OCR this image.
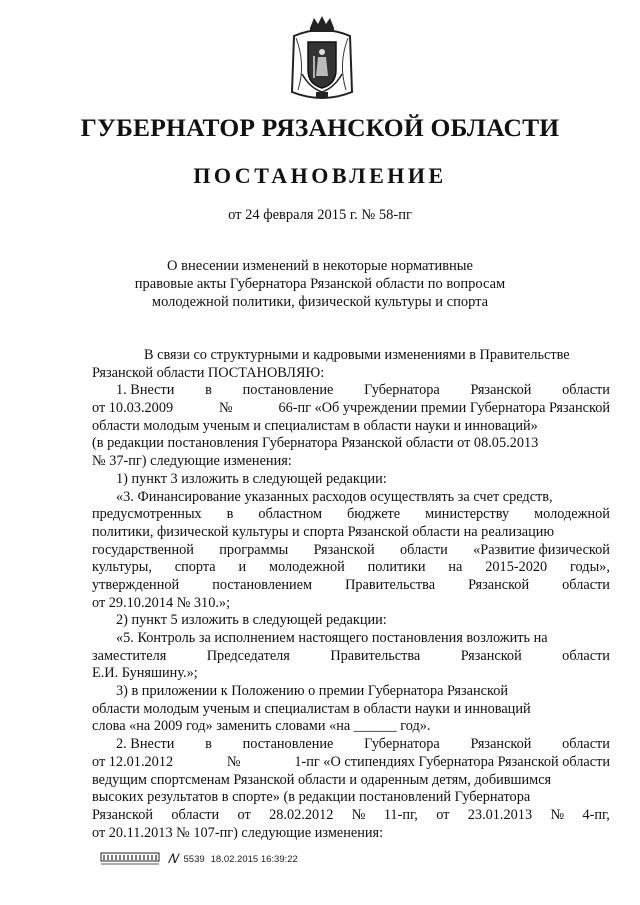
ГУБЕРНАТОР РЯЗАНСКОЙ ОБЛАСТИ
ПОСТАНОВЛЕНИЕ
от 24 февраля 2015 г. № 58-пг
О внесении изменений в некоторые нормативные
правовые акты Губернатора Рязанской области по вопросам
молодежной политики, физической культуры и спорта
В связи со структурными и кадровыми изменениями в Правительстве
Рязанской области ПОСТАНОВЛЯЮ:
1. Внести в постановление Губернатора Рязанской области
от 10.03.2009	№	66-пг «Об учреждении премии Губернатора Рязанской
области молодым ученым и специалистам в области науки и инноваций»
(в редакции постановления Губернатора Рязанской области от 08.05.2013
№ 37-пг) следующие изменения:
1) пункт 3 изложить в следующей редакции:
«3. Финансирование указанных расходов осуществлять за счет средств,
предусмотренных в областном бюджете министерству молодежной
политики, физической культуры и спорта Рязанской области на реализацию
государственной программы Рязанской области «Развитие физической
культуры, спорта и молодежной политики на 2015-2020 годы»,
утвержденной постановлением Правительства Рязанской области
от 29.10.2014 № 310.»;
2) пункт 5 изложить в следующей редакции:
«5. Контроль за исполнением настоящего постановления возложить на
заместителя	Председателя	Правительства	Рязанской	области
Е.И. Буняшину.»;
3) в приложении к Положению о премии Губернатора Рязанской
области молодым ученым и специалистам в области науки и инноваций
слова «на 2009 год» заменить словами «на ______ год».
2. Внести в постановление Губернатора Рязанской области
от 12.01.2012	№	1-пг «О стипендиях Губернатора Рязанской области
ведущим спортсменам Рязанской области и одаренным детям, добившимся
высоких результатов в спорте» (в редакции постановлений Губернатора
Рязанской области от 28.02.2012 № 11-пг, от 23.01.2013 № 4-пг,
от 20.11.2013 № 107-пг) следующие изменения:
𝑁 5539 18.02.2015 16:39:22
